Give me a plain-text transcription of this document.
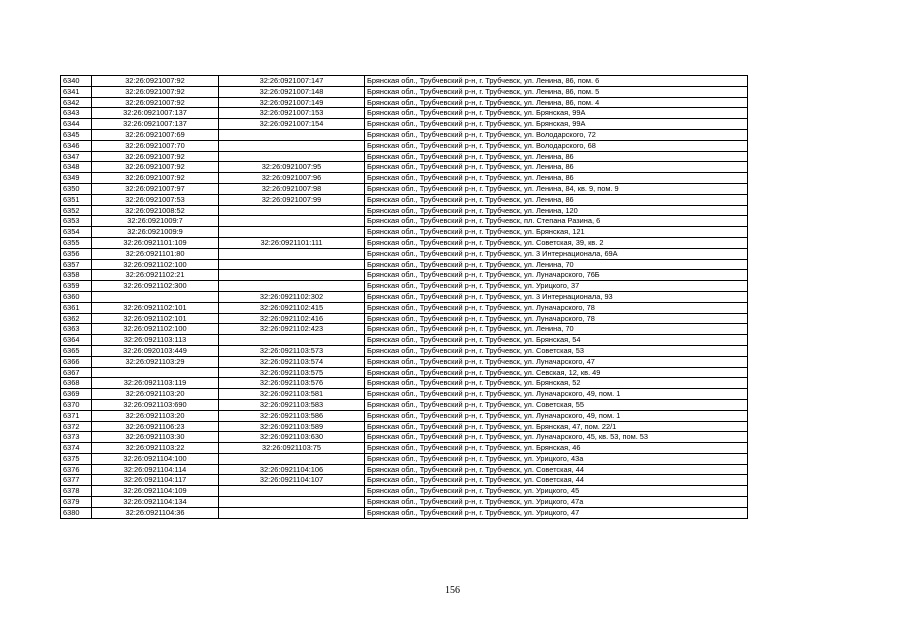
6340	32:26:0921007:92	32:26:0921007:147	Брянская обл., Трубчевский р-н, г. Трубчевск, ул. Ленина, 86, пом. 6
6341	32:26:0921007:92	32:26:0921007:148	Брянская обл., Трубчевский р-н, г. Трубчевск, ул. Ленина, 86, пом. 5
6342	32:26:0921007:92	32:26:0921007:149	Брянская обл., Трубчевский р-н, г. Трубчевск, ул. Ленина, 86, пом. 4
6343	32:26:0921007:137	32:26:0921007:153	Брянская обл., Трубчевский р-н, г. Трубчевск, ул. Брянская, 99А
6344	32:26:0921007:137	32:26:0921007:154	Брянская обл., Трубчевский р-н, г. Трубчевск, ул. Брянская, 99А
6345	32:26:0921007:69		Брянская обл., Трубчевский р-н, г. Трубчевск, ул. Володарского, 72
6346	32:26:0921007:70		Брянская обл., Трубчевский р-н, г. Трубчевск, ул. Володарского, 68
6347	32:26:0921007:92		Брянская обл., Трубчевский р-н, г. Трубчевск, ул. Ленина, 86
6348	32:26:0921007:92	32:26:0921007:95	Брянская обл., Трубчевский р-н, г. Трубчевск, ул. Ленина, 86
6349	32:26:0921007:92	32:26:0921007:96	Брянская обл., Трубчевский р-н, г. Трубчевск, ул. Ленина, 86
6350	32:26:0921007:97	32:26:0921007:98	Брянская обл., Трубчевский р-н, г. Трубчевск, ул. Ленина, 84, кв. 9, пом. 9
6351	32:26:0921007:53	32:26:0921007:99	Брянская обл., Трубчевский р-н, г. Трубчевск, ул. Ленина, 86
6352	32:26:0921008:52		Брянская обл., Трубчевский р-н, г. Трубчевск, ул. Ленина, 120
6353	32:26:0921009:7		Брянская обл., Трубчевский р-н, г. Трубчевск, пл. Степана Разина, 6
6354	32:26:0921009:9		Брянская обл., Трубчевский р-н, г. Трубчевск, ул. Брянская, 121
6355	32:26:0921101:109	32:26:0921101:111	Брянская обл., Трубчевский р-н, г. Трубчевск, ул. Советская, 39, кв. 2
6356	32:26:0921101:80		Брянская обл., Трубчевский р-н, г. Трубчевск, ул. 3 Интернационала, 69А
6357	32:26:0921102:100		Брянская обл., Трубчевский р-н, г. Трубчевск, ул. Ленина, 70
6358	32:26:0921102:21		Брянская обл., Трубчевский р-н, г. Трубчевск, ул. Луначарского, 76Б
6359	32:26:0921102:300		Брянская обл., Трубчевский р-н, г. Трубчевск, ул. Урицкого, 37
6360		32:26:0921102:302	Брянская обл., Трубчевский р-н, г. Трубчевск, ул. 3 Интернационала, 93
6361	32:26:0921102:101	32:26:0921102:415	Брянская обл., Трубчевский р-н, г. Трубчевск, ул. Луначарского, 78
6362	32:26:0921102:101	32:26:0921102:416	Брянская обл., Трубчевский р-н, г. Трубчевск, ул. Луначарского, 78
6363	32:26:0921102:100	32:26:0921102:423	Брянская обл., Трубчевский р-н, г. Трубчевск, ул. Ленина, 70
6364	32:26:0921103:113		Брянская обл., Трубчевский р-н, г. Трубчевск, ул. Брянская, 54
6365	32:26:0920103:449	32:26:0921103:573	Брянская обл., Трубчевский р-н, г. Трубчевск, ул. Советская, 53
6366	32:26:0921103:29	32:26:0921103:574	Брянская обл., Трубчевский р-н, г. Трубчевск, ул. Луначарского, 47
6367		32:26:0921103:575	Брянская обл., Трубчевский р-н, г. Трубчевск, ул. Севская, 12, кв. 49
6368	32:26:0921103:119	32:26:0921103:576	Брянская обл., Трубчевский р-н, г. Трубчевск, ул. Брянская, 52
6369	32:26:0921103:20	32:26:0921103:581	Брянская обл., Трубчевский р-н, г. Трубчевск, ул. Луначарского, 49, пом. 1
6370	32:26:0921103:690	32:26:0921103:583	Брянская обл., Трубчевский р-н, г. Трубчевск, ул. Советская, 55
6371	32:26:0921103:20	32:26:0921103:586	Брянская обл., Трубчевский р-н, г. Трубчевск, ул. Луначарского, 49, пом. 1
6372	32:26:0921106:23	32:26:0921103:589	Брянская обл., Трубчевский р-н, г. Трубчевск, ул. Брянская, 47, пом. 22/1
6373	32:26:0921103:30	32:26:0921103:630	Брянская обл., Трубчевский р-н, г. Трубчевск, ул. Луначарского, 45, кв. 53, пом. 53
6374	32:26:0921103:22	32:26:0921103:75	Брянская обл., Трубчевский р-н, г. Трубчевск, ул. Брянская, 46
6375	32:26:0921104:100		Брянская обл., Трубчевский р-н, г. Трубчевск, ул. Урицкого, 43а
6376	32:26:0921104:114	32:26:0921104:106	Брянская обл., Трубчевский р-н, г. Трубчевск, ул. Советская, 44
6377	32:26:0921104:117	32:26:0921104:107	Брянская обл., Трубчевский р-н, г. Трубчевск, ул. Советская, 44
6378	32:26:0921104:109		Брянская обл., Трубчевский р-н, г. Трубчевск, ул. Урицкого, 45
6379	32:26:0921104:134		Брянская обл., Трубчевский р-н, г. Трубчевск, ул. Урицкого, 47а
6380	32:26:0921104:36		Брянская обл., Трубчевский р-н, г. Трубчевск, ул. Урицкого, 47
156
